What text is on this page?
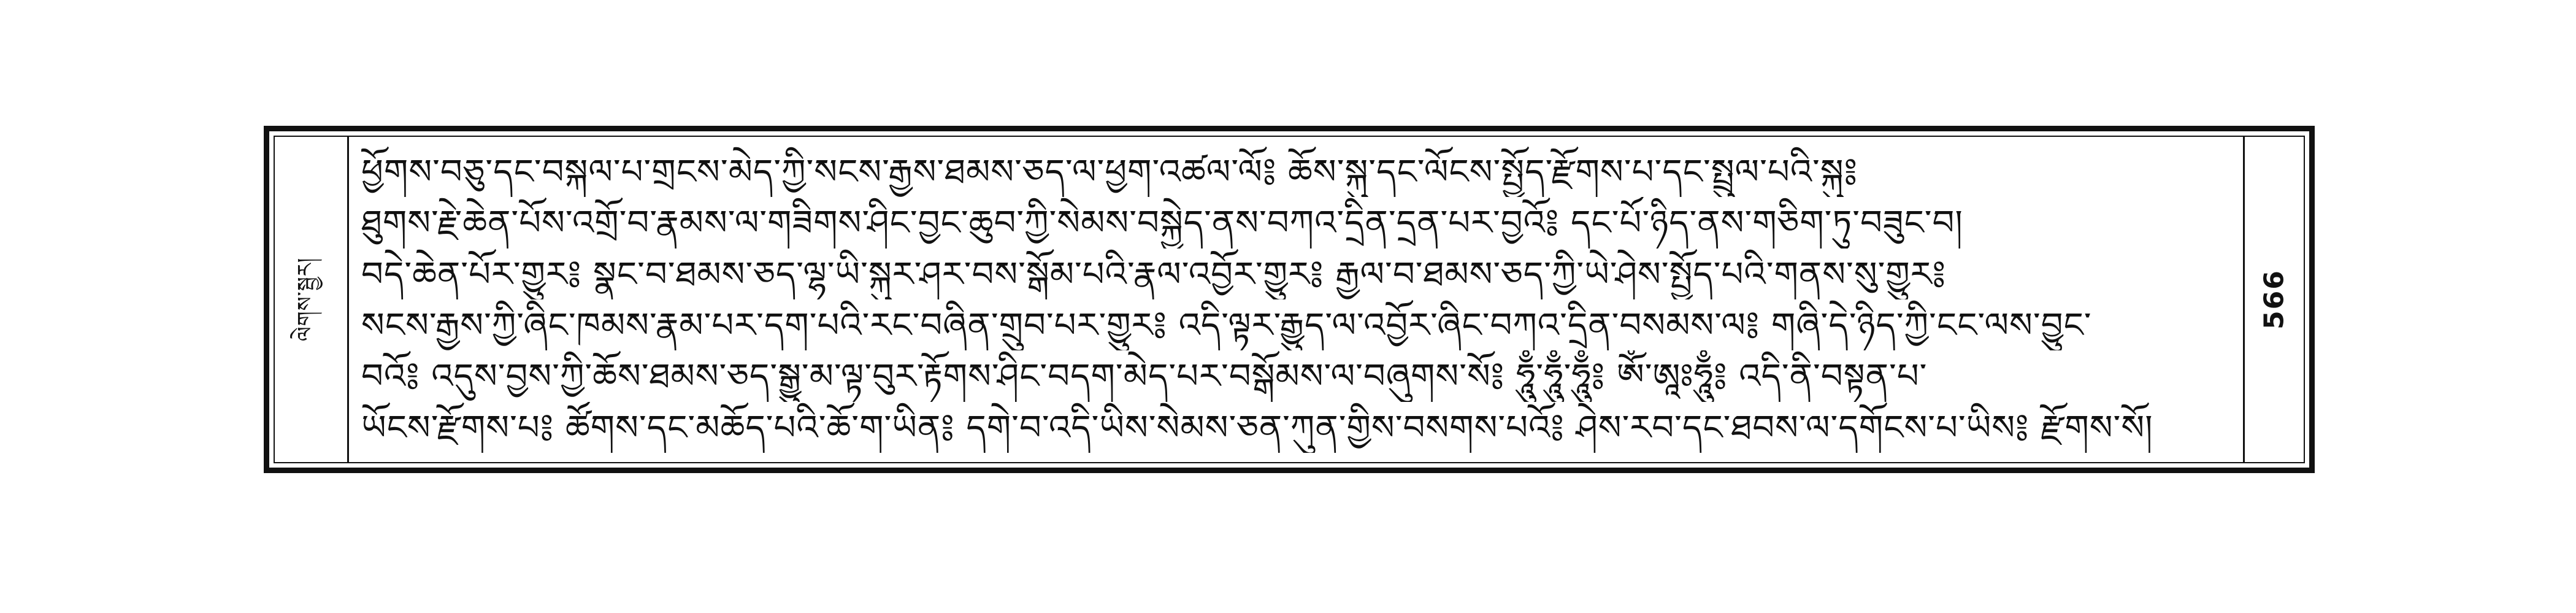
ལེགས་སྦྱར།
ཕྱོགས་བཅུ་དང་བསྐལ་པ་གྲངས་མེད་ཀྱི་སངས་རྒྱས་ཐམས་ཅད་ལ་ཕྱག་འཚལ་ལོ༔ ཆོས་སྐུ་དང་ལོངས་སྤྱོད་རྫོགས་པ་དང་སྤྲུལ་པའི་སྐུ༔
ཐུགས་རྗེ་ཆེན་པོས་འགྲོ་བ་རྣམས་ལ་གཟིགས་ཤིང་བྱང་ཆུབ་ཀྱི་སེམས་བསྐྱེད་ནས་བཀའ་དྲིན་དྲན་པར་བྱའོ༔ དང་པོ་ཉིད་ནས་གཅིག་ཏུ་བཟུང་བ།
བདེ་ཆེན་པོར་གྱུར༔ སྣང་བ་ཐམས་ཅད་ལྷ་ཡི་སྐུར་ཤར་བས་སྒོམ་པའི་རྣལ་འབྱོར་གྱུར༔ རྒྱལ་བ་ཐམས་ཅད་ཀྱི་ཡེ་ཤེས་སྤྱོད་པའི་གནས་སུ་གྱུར༔
སངས་རྒྱས་ཀྱི་ཞིང་ཁམས་རྣམ་པར་དག་པའི་རང་བཞིན་གྲུབ་པར་གྱུར༔ འདི་ལྟར་རྒྱུད་ལ་འབྱོར་ཞིང་བཀའ་དྲིན་བསམས་ལ༔ གཞི་དེ་ཉིད་ཀྱི་ངང་ལས་བྱུང་
བའོ༔ འདུས་བྱས་ཀྱི་ཆོས་ཐམས་ཅད་སྒྱུ་མ་ལྟ་བུར་རྟོགས་ཤིང་བདག་མེད་པར་བསྒོམས་ལ་བཞུགས་སོ༔ ཧཱུྃ་ཧཱུྃ་ཧཱུྃ༔ ཨོཾ་ཨཱཿཧཱུྃ༔ འདི་ནི་བསྟན་པ་
ཡོངས་རྫོགས་པ༔ ཚོགས་དང་མཆོད་པའི་ཆོ་ག་ཡིན༔ དགེ་བ་འདི་ཡིས་སེམས་ཅན་ཀུན་གྱིས་བསགས་པའོ༔ ཤེས་རབ་དང་ཐབས་ལ་དགོངས་པ་ཡིས༔ རྫོགས་སོ།
566
